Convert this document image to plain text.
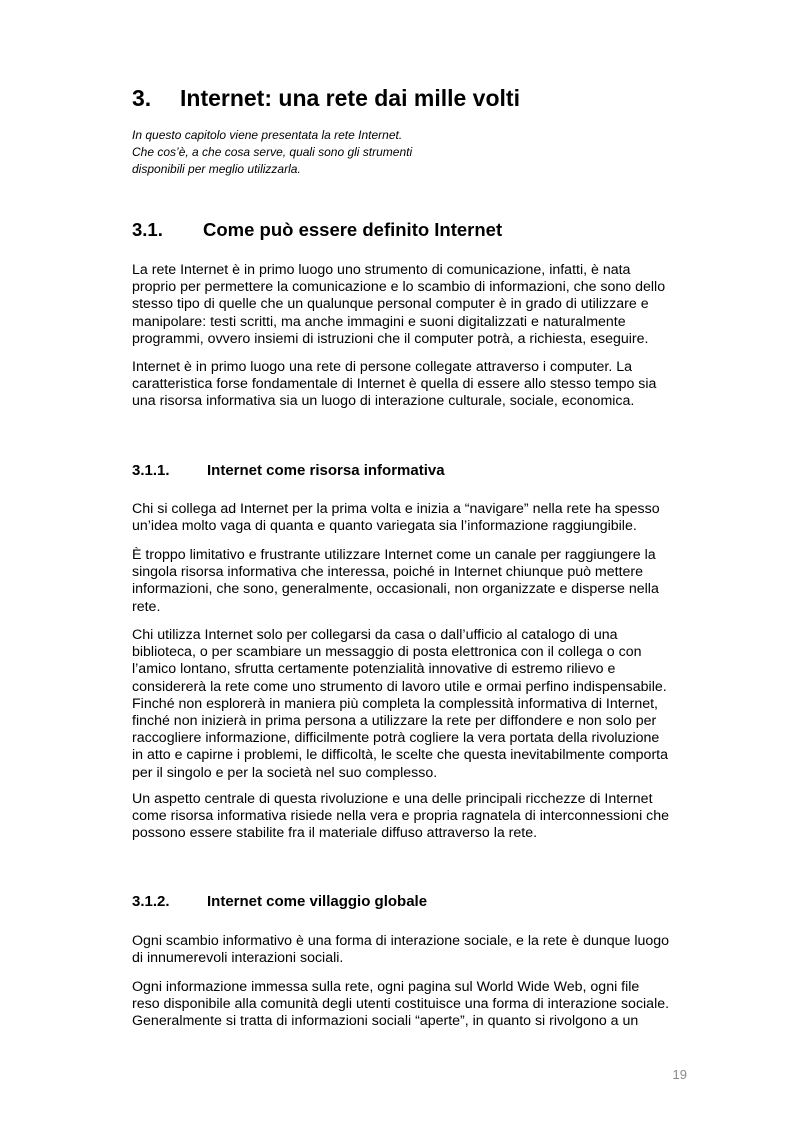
3. Internet: una rete dai mille volti
In questo capitolo viene presentata la rete Internet.
Che cos’è, a che cosa serve, quali sono gli strumenti
disponibili per meglio utilizzarla.
3.1. Come può essere definito Internet
La rete Internet è in primo luogo uno strumento di comunicazione, infatti, è nata
proprio per permettere la comunicazione e lo scambio di informazioni, che sono dello
stesso tipo di quelle che un qualunque personal computer è in grado di utilizzare e
manipolare: testi scritti, ma anche immagini e suoni digitalizzati e naturalmente
programmi, ovvero insiemi di istruzioni che il computer potrà, a richiesta, eseguire.
Internet è in primo luogo una rete di persone collegate attraverso i computer. La
caratteristica forse fondamentale di Internet è quella di essere allo stesso tempo sia
una risorsa informativa sia un luogo di interazione culturale, sociale, economica.
3.1.1. Internet come risorsa informativa
Chi si collega ad Internet per la prima volta e inizia a “navigare” nella rete ha spesso
un’idea molto vaga di quanta e quanto variegata sia l’informazione raggiungibile.
È troppo limitativo e frustrante utilizzare Internet come un canale per raggiungere la
singola risorsa informativa che interessa, poiché in Internet chiunque può mettere
informazioni, che sono, generalmente, occasionali, non organizzate e disperse nella
rete.
Chi utilizza Internet solo per collegarsi da casa o dall’ufficio al catalogo di una
biblioteca, o per scambiare un messaggio di posta elettronica con il collega o con
l’amico lontano, sfrutta certamente potenzialità innovative di estremo rilievo e
considererà la rete come uno strumento di lavoro utile e ormai perfino indispensabile.
Finché non esplorerà in maniera più completa la complessità informativa di Internet,
finché non inizierà in prima persona a utilizzare la rete per diffondere e non solo per
raccogliere informazione, difficilmente potrà cogliere la vera portata della rivoluzione
in atto e capirne i problemi, le difficoltà, le scelte che questa inevitabilmente comporta
per il singolo e per la società nel suo complesso.
Un aspetto centrale di questa rivoluzione e una delle principali ricchezze di Internet
come risorsa informativa risiede nella vera e propria ragnatela di interconnessioni che
possono essere stabilite fra il materiale diffuso attraverso la rete.
3.1.2. Internet come villaggio globale
Ogni scambio informativo è una forma di interazione sociale, e la rete è dunque luogo
di innumerevoli interazioni sociali.
Ogni informazione immessa sulla rete, ogni pagina sul World Wide Web, ogni file
reso disponibile alla comunità degli utenti costituisce una forma di interazione sociale.
Generalmente si tratta di informazioni sociali “aperte”, in quanto si rivolgono a un
19
